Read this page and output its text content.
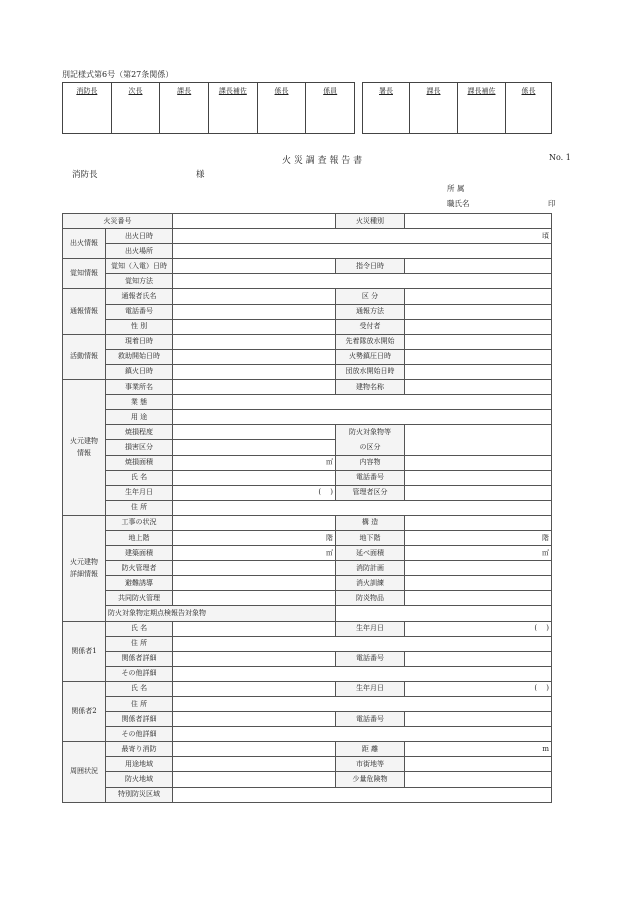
別記様式第6号（第27条関係）
消防長	次長	課長	課長補佐	係長	係員	署長	課長	課長補佐	係長
火 災 調 査 報 告 書	No. 1
消防長	様
所 属
職氏名	印
火災番号			火災種別	
出火情報	出火日時	頃		
	出火場所			
覚知情報	覚知（入電）日時		指令日時	
	覚知方法			
通報情報	通報者氏名		区 分	
	電話番号		通報方法	
	性 別		受付者	
活動情報	現着日時		先着隊放水開始	
	救助開始日時		火勢鎮圧日時	
	鎮火日時		団放水開始日時	
火元建物
情報	事業所名		建物名称	
	業 態			
	用 途			
	焼損程度		防火対象物等	
	損害区分		の区分	
	焼損面積	㎡	内容物	
	氏 名		電話番号	
	生年月日	(　 )	管理者区分	
	住 所			
火元建物
詳細情報	工事の状況		構 造	
	地上階	階	地下階	階
	建築面積	㎡	延べ面積	㎡
	防火管理者		消防計画	
	避難誘導		消火訓練	
	共同防火管理		防炎物品	
	防火対象物定期点検報告対象物			
関係者1	氏 名		生年月日	(　 )
	住 所			
	関係者詳細		電話番号	
	その他詳細			
関係者2	氏 名		生年月日	(　 )
	住 所			
	関係者詳細		電話番号	
	その他詳細			
周囲状況	最寄り消防		距 離	m
	用途地域		市街地等	
	防火地域		少量危険物	
	特別防災区域			
